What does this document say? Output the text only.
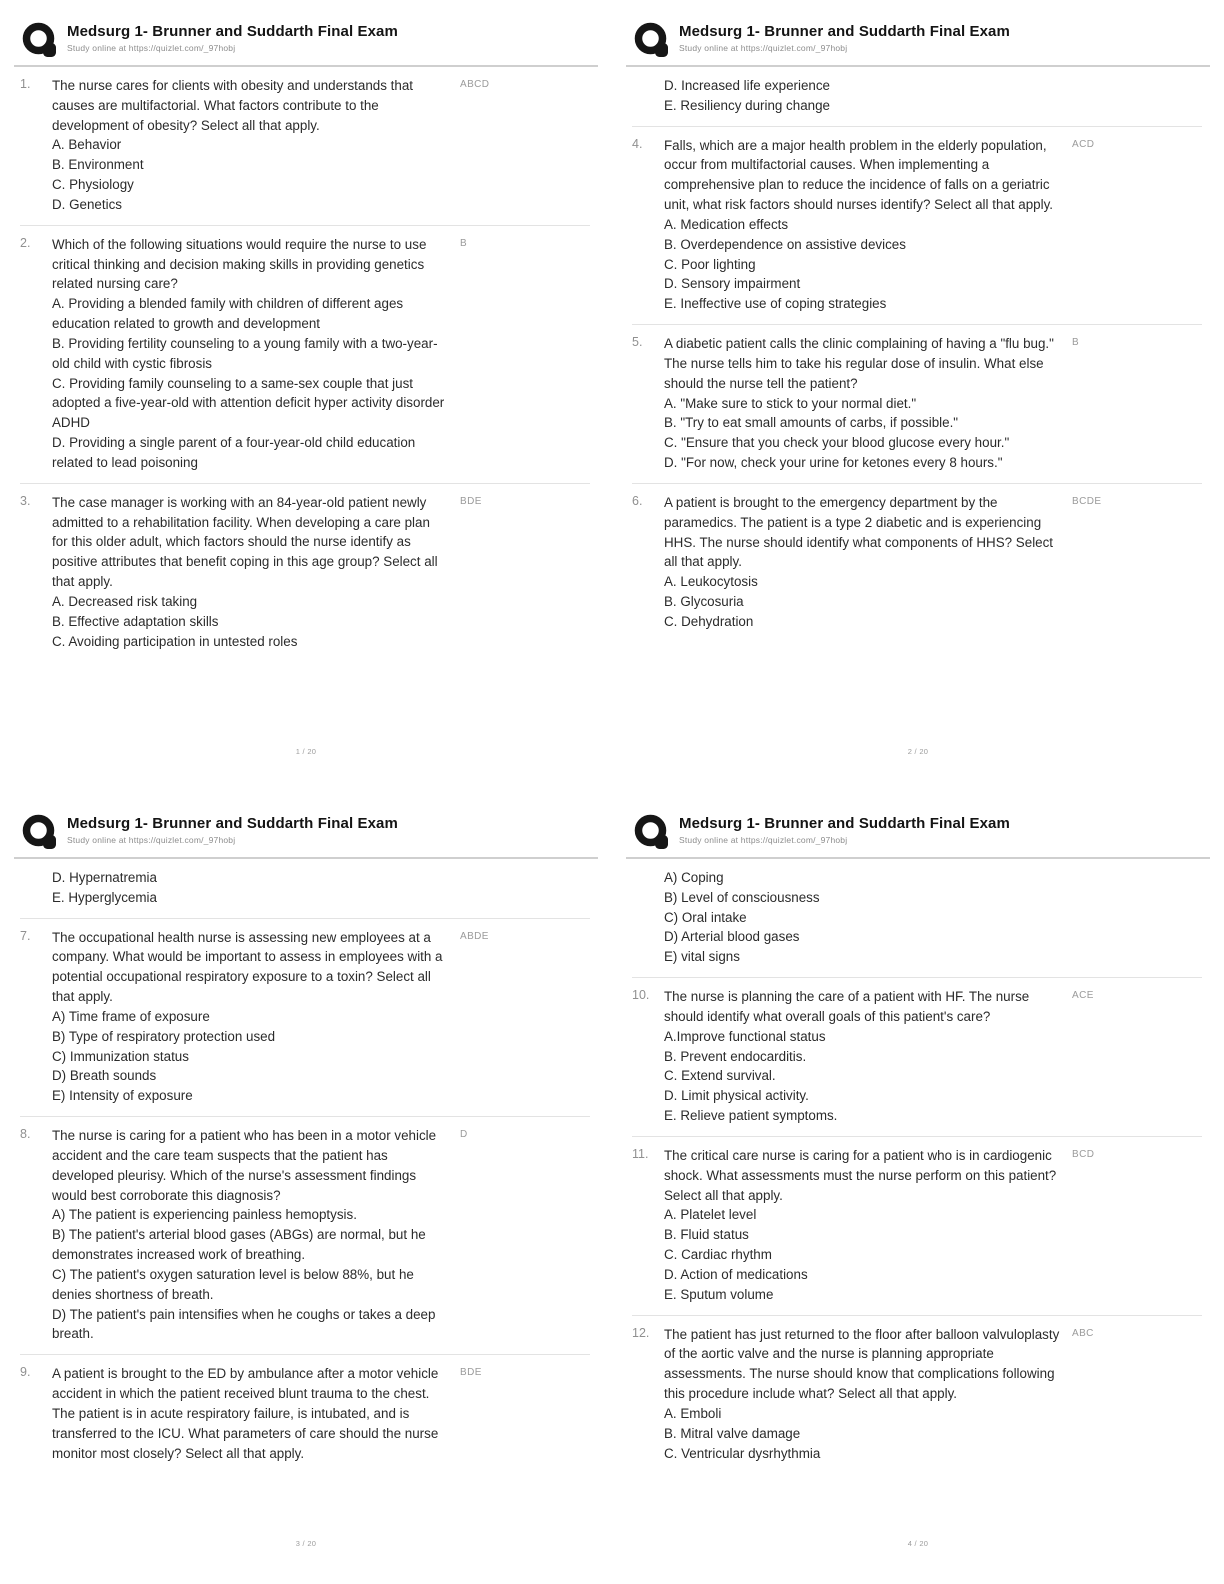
Medsurg 1- Brunner and Suddarth Final Exam
Study online at https://quizlet.com/_97hobj
1.	The nurse cares for clients with obesity and understands that causes are multifactorial. What factors contribute to the development of obesity? Select all that apply.
A. Behavior
B. Environment
C. Physiology
D. Genetics
ABCD
2.	Which of the following situations would require the nurse to use critical thinking and decision making skills in providing genetics related nursing care?
A. Providing a blended family with children of different ages education related to growth and development
B. Providing fertility counseling to a young family with a two-year-old child with cystic fibrosis
C. Providing family counseling to a same-sex couple that just adopted a five-year-old with attention deficit hyper activity disorder ADHD
D. Providing a single parent of a four-year-old child education related to lead poisoning
B
3.	The case manager is working with an 84-year-old patient newly admitted to a rehabilitation facility. When developing a care plan for this older adult, which factors should the nurse identify as positive attributes that benefit coping in this age group? Select all that apply.
A. Decreased risk taking
B. Effective adaptation skills
C. Avoiding participation in untested roles
BDE
1 / 20
Medsurg 1- Brunner and Suddarth Final Exam
Study online at https://quizlet.com/_97hobj
D. Increased life experience
E. Resiliency during change
4.	Falls, which are a major health problem in the elderly population, occur from multifactorial causes. When implementing a comprehensive plan to reduce the incidence of falls on a geriatric unit, what risk factors should nurses identify? Select all that apply.
A. Medication effects
B. Overdependence on assistive devices
C. Poor lighting
D. Sensory impairment
E. Ineffective use of coping strategies
ACD
5.	A diabetic patient calls the clinic complaining of having a "flu bug." The nurse tells him to take his regular dose of insulin. What else should the nurse tell the patient?
A. "Make sure to stick to your normal diet."
B. "Try to eat small amounts of carbs, if possible."
C. "Ensure that you check your blood glucose every hour."
D. "For now, check your urine for ketones every 8 hours."
B
6.	A patient is brought to the emergency department by the paramedics. The patient is a type 2 diabetic and is experiencing HHS. The nurse should identify what components of HHS? Select all that apply.
A. Leukocytosis
B. Glycosuria
C. Dehydration
BCDE
2 / 20
Medsurg 1- Brunner and Suddarth Final Exam
Study online at https://quizlet.com/_97hobj
D. Hypernatremia
E. Hyperglycemia
7.	The occupational health nurse is assessing new employees at a company. What would be important to assess in employees with a potential occupational respiratory exposure to a toxin? Select all that apply.
A) Time frame of exposure
B) Type of respiratory protection used
C) Immunization status
D) Breath sounds
E) Intensity of exposure
ABDE
8.	The nurse is caring for a patient who has been in a motor vehicle accident and the care team suspects that the patient has developed pleurisy. Which of the nurse's assessment findings would best corroborate this diagnosis?
A) The patient is experiencing painless hemoptysis.
B) The patient's arterial blood gases (ABGs) are normal, but he demonstrates increased work of breathing.
C) The patient's oxygen saturation level is below 88%, but he denies shortness of breath.
D) The patient's pain intensifies when he coughs or takes a deep breath.
D
9.	A patient is brought to the ED by ambulance after a motor vehicle accident in which the patient received blunt trauma to the chest. The patient is in acute respiratory failure, is intubated, and is transferred to the ICU. What parameters of care should the nurse monitor most closely? Select all that apply.
BDE
3 / 20
Medsurg 1- Brunner and Suddarth Final Exam
Study online at https://quizlet.com/_97hobj
A) Coping
B) Level of consciousness
C) Oral intake
D) Arterial blood gases
E) vital signs
10.	The nurse is planning the care of a patient with HF. The nurse should identify what overall goals of this patient's care?
A.Improve functional status
B. Prevent endocarditis.
C. Extend survival.
D. Limit physical activity.
E. Relieve patient symptoms.
ACE
11.	The critical care nurse is caring for a patient who is in cardiogenic shock. What assessments must the nurse perform on this patient? Select all that apply.
A. Platelet level
B. Fluid status
C. Cardiac rhythm
D. Action of medications
E. Sputum volume
BCD
12.	The patient has just returned to the floor after balloon valvuloplasty of the aortic valve and the nurse is planning appropriate assessments. The nurse should know that complications following this procedure include what? Select all that apply.
A. Emboli
B. Mitral valve damage
C. Ventricular dysrhythmia
ABC
4 / 20
